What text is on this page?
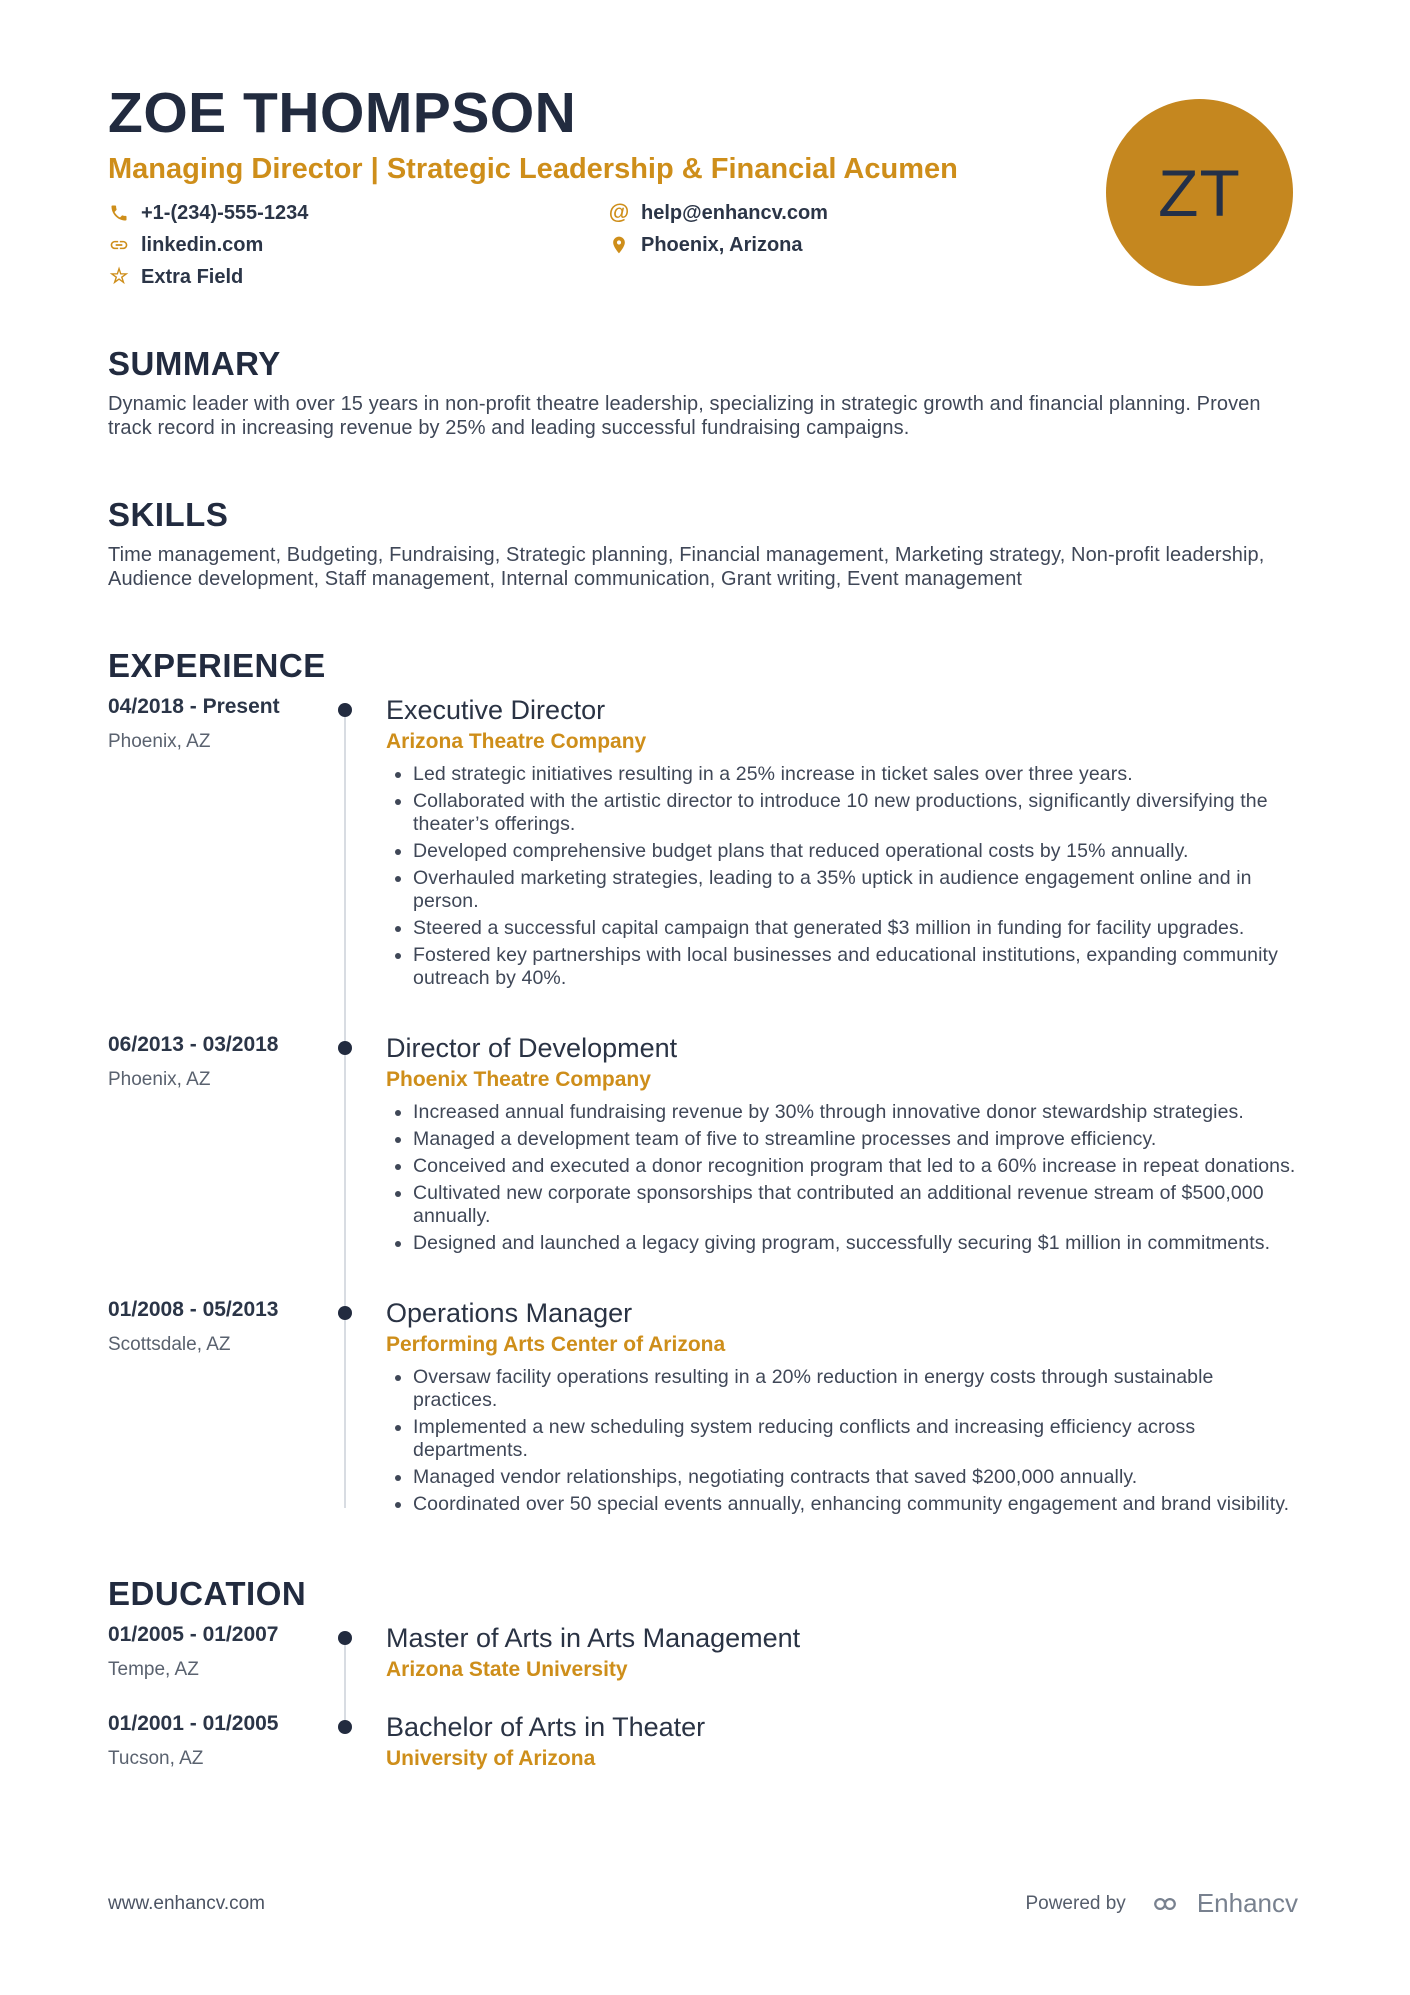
ZOE THOMPSON
Managing Director | Strategic Leadership & Financial Acumen
+1-(234)-555-1234	@ help@enhancv.com
linkedin.com	Phoenix, Arizona
☆ Extra Field
SUMMARY

Dynamic leader with over 15 years in non-profit theatre leadership, specializing in strategic growth and financial planning. Proven track record in increasing revenue by 25% and leading successful fundraising campaigns.

SKILLS

Time management, Budgeting, Fundraising, Strategic planning, Financial management, Marketing strategy, Non-profit leadership, Audience development, Staff management, Internal communication, Grant writing, Event management

EXPERIENCE
04/2018 - Present
Phoenix, AZ
Executive Director
Arizona Theatre Company
• Led strategic initiatives resulting in a 25% increase in ticket sales over three years.
• Collaborated with the artistic director to introduce 10 new productions, significantly diversifying the theater’s offerings.
• Developed comprehensive budget plans that reduced operational costs by 15% annually.
• Overhauled marketing strategies, leading to a 35% uptick in audience engagement online and in person.
• Steered a successful capital campaign that generated $3 million in funding for facility upgrades.
• Fostered key partnerships with local businesses and educational institutions, expanding community outreach by 40%.
06/2013 - 03/2018
Phoenix, AZ
Director of Development
Phoenix Theatre Company
• Increased annual fundraising revenue by 30% through innovative donor stewardship strategies.
• Managed a development team of five to streamline processes and improve efficiency.
• Conceived and executed a donor recognition program that led to a 60% increase in repeat donations.
• Cultivated new corporate sponsorships that contributed an additional revenue stream of $500,000 annually.
• Designed and launched a legacy giving program, successfully securing $1 million in commitments.
01/2008 - 05/2013
Scottsdale, AZ
Operations Manager
Performing Arts Center of Arizona
• Oversaw facility operations resulting in a 20% reduction in energy costs through sustainable practices.
• Implemented a new scheduling system reducing conflicts and increasing efficiency across departments.
• Managed vendor relationships, negotiating contracts that saved $200,000 annually.
• Coordinated over 50 special events annually, enhancing community engagement and brand visibility.
EDUCATION
01/2005 - 01/2007
Tempe, AZ
Master of Arts in Arts Management
Arizona State University
01/2001 - 01/2005
Tucson, AZ
Bachelor of Arts in Theater
University of Arizona
ZT
www.enhancv.com	Powered by	Enhancv
